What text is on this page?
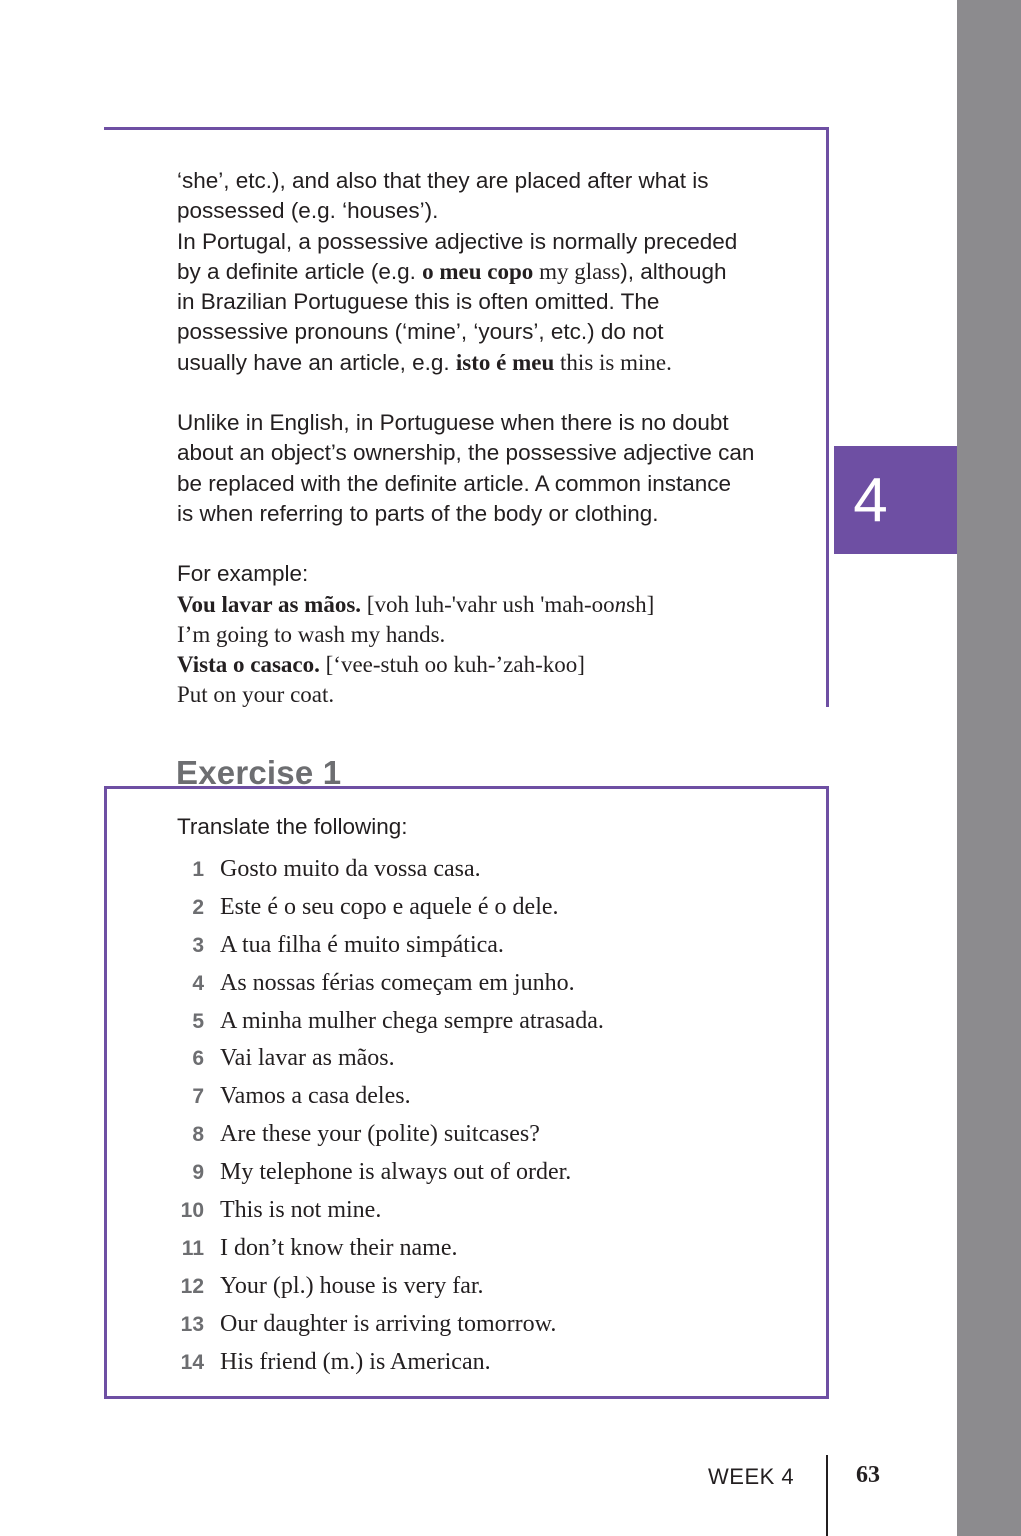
4

‘she’, etc.), and also that they are placed after what is

possessed (e.g. ‘houses’).

In Portugal, a possessive adjective is normally preceded

by a definite article (e.g. o meu copo my glass), although

in Brazilian Portuguese this is often omitted. The

possessive pronouns (‘mine’, ‘yours’, etc.) do not

usually have an article, e.g. isto é meu this is mine.

Unlike in English, in Portuguese when there is no doubt

about an object’s ownership, the possessive adjective can

be replaced with the definite article. A common instance

is when referring to parts of the body or clothing.

For example:

Vou lavar as mãos. [voh luh-'vahr ush 'mah-oonsh]

I’m going to wash my hands.

Vista o casaco. [‘vee-stuh oo kuh-’zah-koo]

Put on your coat.

Exercise 1
Translate the following:
1 Gosto muito da vossa casa.
2 Este é o seu copo e aquele é o dele.
3 A tua filha é muito simpática.
4 As nossas férias começam em junho.
5 A minha mulher chega sempre atrasada.
6 Vai lavar as mãos.
7 Vamos a casa deles.
8 Are these your (polite) suitcases?
9 My telephone is always out of order.
10 This is not mine.
11 I don’t know their name.
12 Your (pl.) house is very far.
13 Our daughter is arriving tomorrow.
14 His friend (m.) is American.
WEEK 4	63
